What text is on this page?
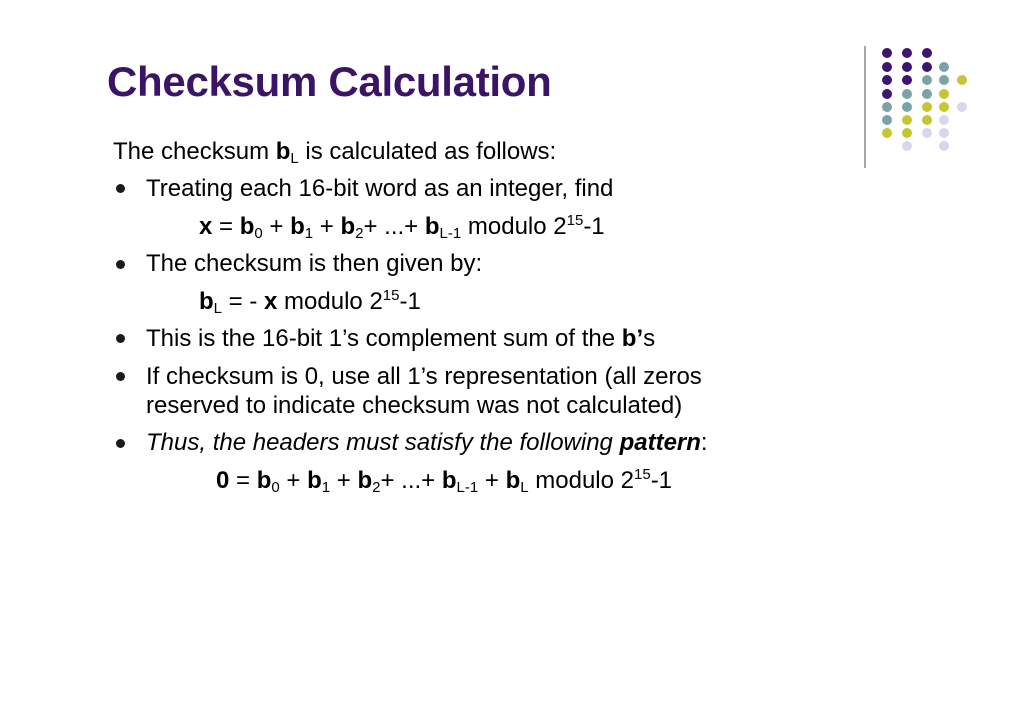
Checksum Calculation
The checksum $b_L$ is calculated as follows:
Treating each 16-bit word as an integer, find
$x = b_0 + b_1 + b_2+$ ...+ $b_{L-1}$ modulo $2^{15}-1$
The checksum is then given by:
$b_L$ = - x modulo $2^{15}-1$
This is the 16-bit 1’s complement sum of the b’s
If checksum is 0, use all 1’s representation (all zeros
reserved to indicate checksum was not calculated)
Thus, the headers must satisfy the following pattern:
$0 = b_0 + b_1 + b_2+$ ...+ $b_{L-1} + b_L$ modulo $2^{15}-1$
